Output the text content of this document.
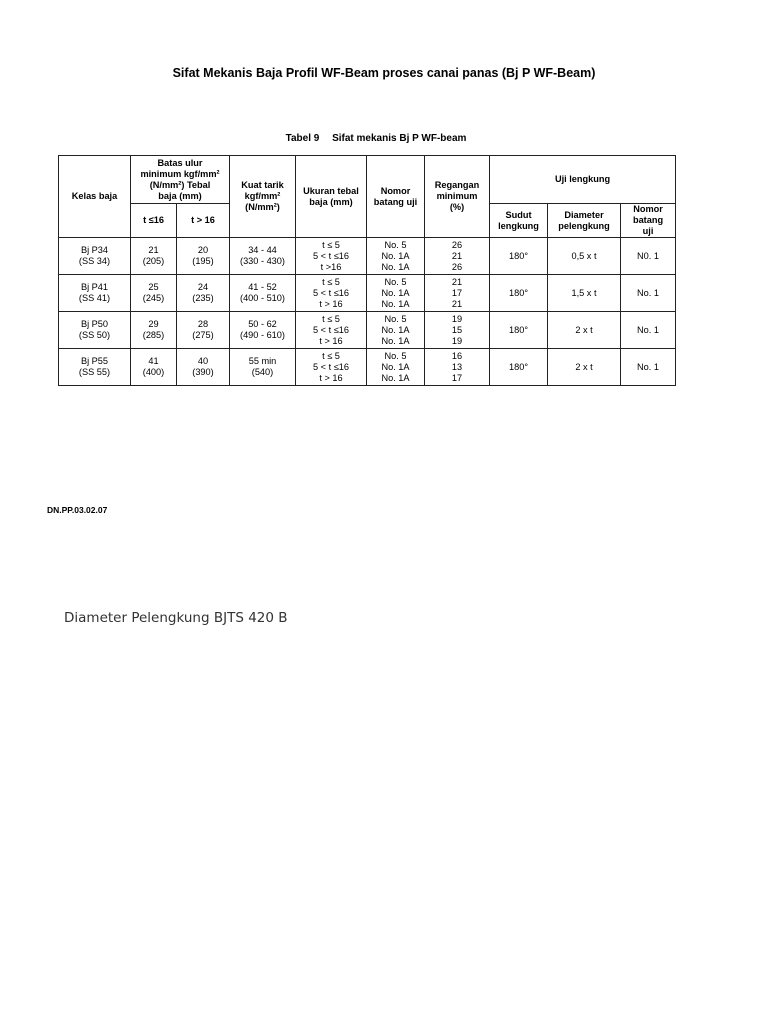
Sifat Mekanis Baja Profil WF-Beam proses canai panas (Bj P WF-Beam)
Tabel 9 Sifat mekanis Bj P WF-beam
Kelas baja	Batas ulur
minimum kgf/mm²
(N/mm²) Tebal
baja (mm)		Kuat tarik
kgf/mm²
(N/mm²)	Ukuran tebal
baja (mm)	Nomor
batang uji	Regangan
minimum
(%)	Uji lengkung		
	t ≤16	t > 16					Sudut
lengkung	Diameter
pelengkung	Nomor
batang
uji

Bj P34
(SS 34)	21
(205)	20
(195)	34 - 44
(330 - 430)	t ≤ 5
5 < t ≤16
t >16	No. 5
No. 1A
No. 1A	26
21
26	180°	0,5 x t	N0. 1

Bj P41
(SS 41)	25
(245)	24
(235)	41 - 52
(400 - 510)	t ≤ 5
5 < t ≤16
t > 16	No. 5
No. 1A
No. 1A	21
17
21	180°	1,5 x t	No. 1

Bj P50
(SS 50)	29
(285)	28
(275)	50 - 62
(490 - 610)	t ≤ 5
5 < t ≤16
t > 16	No. 5
No. 1A
No. 1A	19
15
19	180°	2 x t	No. 1

Bj P55
(SS 55)	41
(400)	40
(390)	55 min
(540)	t ≤ 5
5 < t ≤16
t > 16	No. 5
No. 1A
No. 1A	16
13
17	180°	2 x t	No. 1
DN.PP.03.02.07
Diameter Pelengkung BJTS 420 B
